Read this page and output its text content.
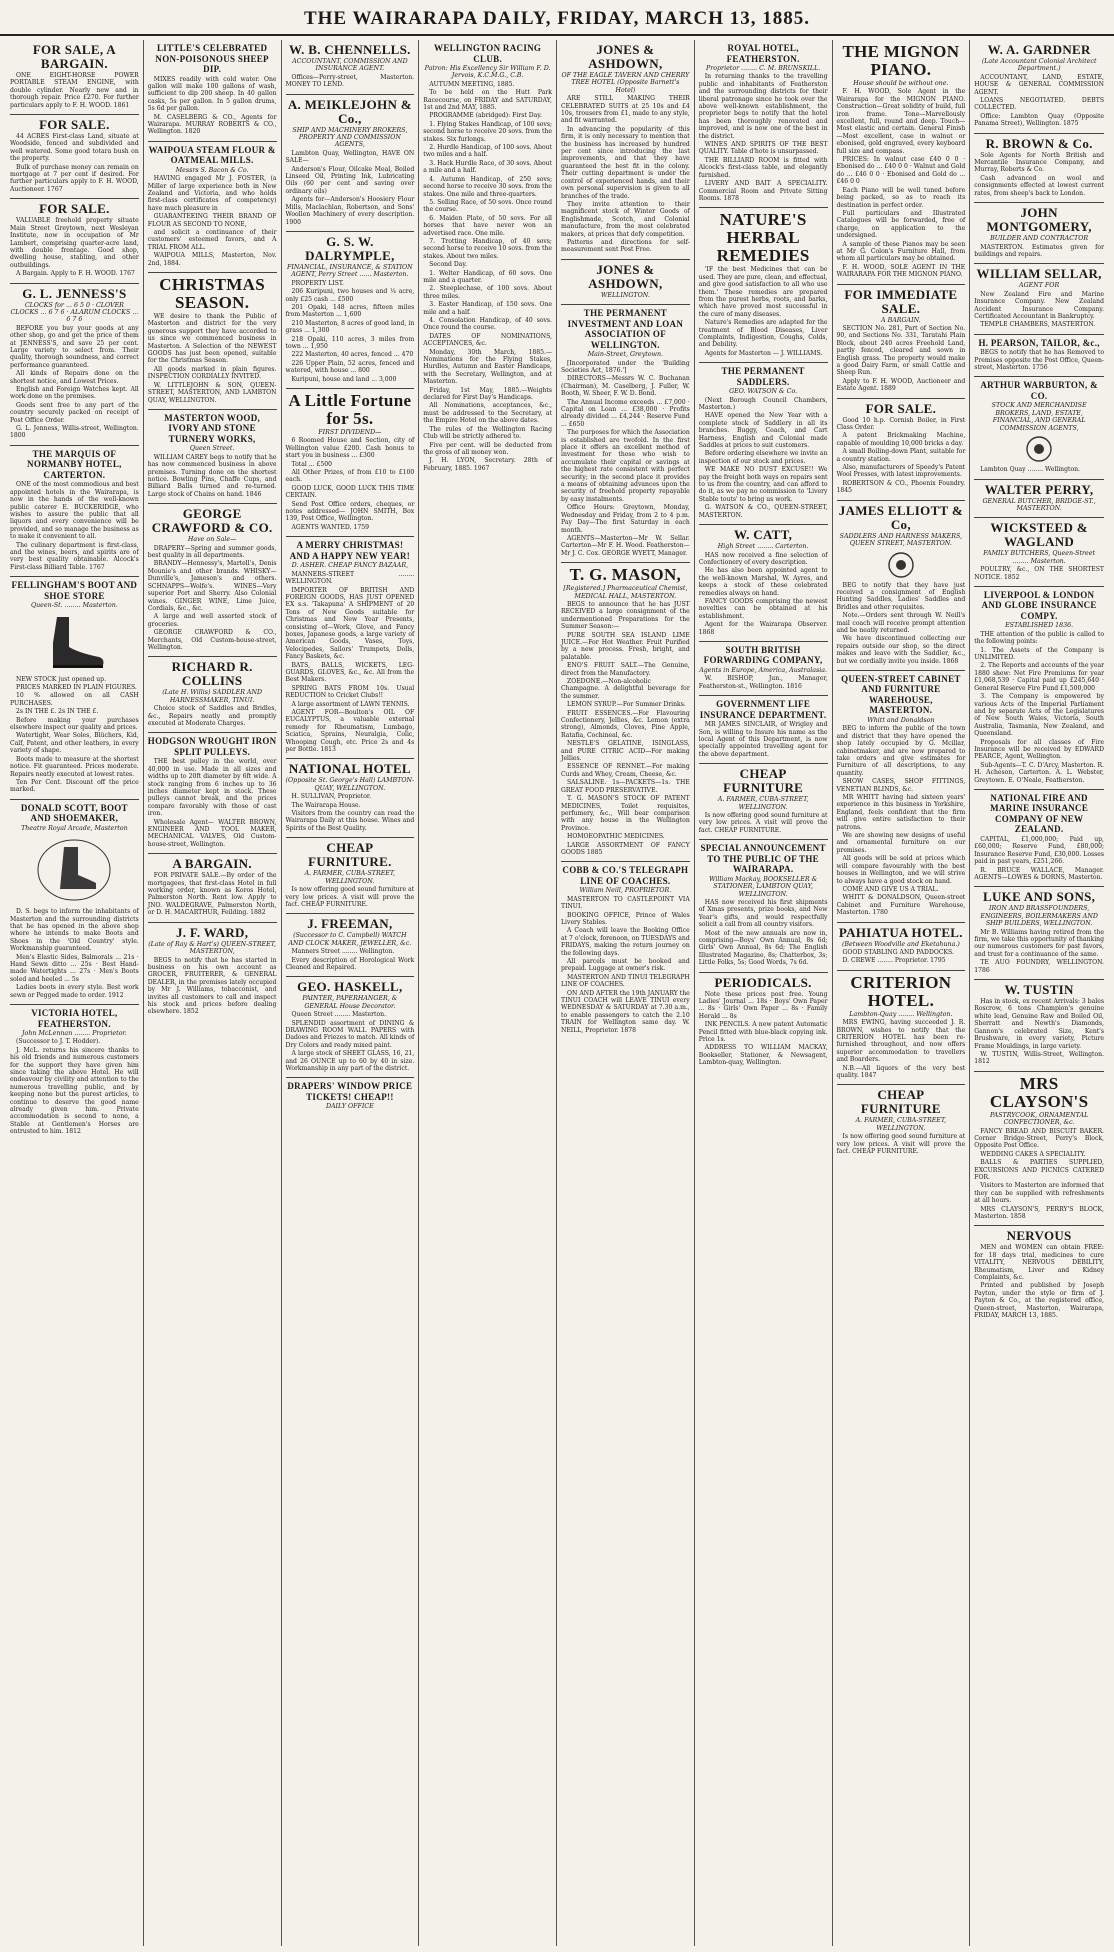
THE WAIRARAPA DAILY, FRIDAY, MARCH 13, 1885.
FOR SALE, A BARGAIN.

ONE EIGHT-HORSE POWER PORTABLE STEAM ENGINE, with double cylinder. Nearly new and in thorough repair. Price £270. For further particulars apply to F. H. WOOD. 1861

FOR SALE.

44 ACRES First-class Land, situate at Woodside, fenced and subdivided and well watered. Some good totara bush on the property.

Bulk of purchase money can remain on mortgage at 7 per cent if desired. For further particulars apply to F. H. WOOD, Auctioneer. 1767

FOR SALE.

VALUABLE freehold property situate Main Street Greytown, next Wesleyan Institute, now in occupation of Mr Lambert, comprising quarter-acre land, with double frontage. Good shop, dwelling house, stabling, and other outbuildings.

A Bargain. Apply to F. H. WOOD. 1767

G. L. JENNESS'S
CLOCKS for ... 6 5 0 · CLOVER CLOCKS ... 6 7 6 · ALARUM CLOCKS ... 6 7 6

BEFORE you buy your goods at any other shop, go and get the price of them at JENNESS'S, and save 25 per cent. Large variety to select from. Their quality, thorough soundness, and correct performance guaranteed.

All kinds of Repairs done on the shortest notice, and Lowest Prices.

English and Foreign Watches kept. All work done on the premises.

Goods sent free to any part of the country securely packed on receipt of Post Office Order.

G. L. Jenness, Willis-street, Wellington. 1800

THE MARQUIS OF NORMANBY HOTEL, CARTERTON.

ONE of the most commodious and best appointed hotels in the Wairarapa, is now in the hands of the well-known public caterer E. BUCKERIDGE, who wishes to assure the public that all liquors and every convenience will be provided, and so manage the business as to make it convenient to all.

The culinary department is first-class, and the wines, beers, and spirits are of very best quality obtainable. Alcock's First-class Billiard Table. 1767

FELLINGHAM'S BOOT AND SHOE STORE
Queen-St. ........ Masterton.

NEW STOCK just opened up.

PRICES MARKED IN PLAIN FIGURES.

10 % allowed on all CASH PURCHASES.

2s IN THE £. 2s IN THE £.

Before making your purchases elsewhere inspect our quality and prices.

Watertight, Wear Soles, Blüchers, Kid, Calf, Patent, and other leathers, in every variety of shape.

Boots made to measure at the shortest notice. Fit guaranteed. Prices moderate. Repairs neatly executed at lowest rates.

Ten Per Cent. Discount off the price marked.

DONALD SCOTT, BOOT AND SHOEMAKER,
Theatre Royal Arcade, Masterton

D. S. begs to inform the inhabitants of Masterton and the surrounding districts that he has opened in the above shop where he intends to make Boots and Shoes in the 'Old Country' style. Workmanship guaranteed.

Men's Elastic Sides, Balmorals ... 21s · Hand Sewn ditto ... 25s · Best Hand-made Watertights ... 27s · Men's Boots soled and heeled ... 5s

Ladies boots in every style. Best work sewn or Pegged made to order. 1912

VICTORIA HOTEL, FEATHERSTON.
John McLennan ........ Proprietor.

(Successor to J. T. Hodder).

J. McL. returns his sincere thanks to his old friends and numerous customers for the support they have given him since taking the above Hotel. He will endeavour by civility and attention to the numerous travelling public, and by keeping none but the purest articles, to continue to deserve the good name already given him. Private accommodation is second to none, a Stable at Gentlemen's Horses are entrusted to him. 1812

LITTLE'S CELEBRATED NON-POISONOUS SHEEP DIP.

MIXES readily with cold water. One gallon will make 100 gallons of wash, sufficient to dip 200 sheep. In 40 gallon casks, 5s per gallon. In 5 gallon drums, 5s 6d per gallon.

M. CASELBERG & CO., Agents for Wairarapa. MURRAY ROBERTS & CO., Wellington. 1820

WAIPOUA STEAM FLOUR & OATMEAL MILLS.
Messrs S. Bacon & Co.

HAVING engaged Mr J. FOSTER, (a Miller of large experience both in New Zealand and Victoria, and who holds first-class certificates of competency) have much pleasure in

GUARANTEEING THEIR BRAND OF FLOUR AS SECOND TO NONE,

and solicit a continuance of their customers' esteemed favors, and A TRIAL FROM ALL.

WAIPOUA MILLS, Masterton, Nov. 2nd, 1884.

CHRISTMAS SEASON.

WE desire to thank the Public of Masterton and district for the very generous support they have accorded to us since we commenced business in Masterton. A Selection of the NEWEST GOODS has just been opened, suitable for the Christmas Season.

All goods marked in plain figures. INSPECTION CORDIALLY INVITED.

W. LITTLEJOHN & SON, QUEEN-STREET, MASTERTON, AND LAMBTON QUAY, WELLINGTON.

MASTERTON WOOD, IVORY AND STONE TURNERY WORKS,
Queen Street.

WILLIAM CAREY begs to notify that he has now commenced business in above premises. Turning done on the shortest notice. Bowling Pins, Chaffe Cups, and Billiard Balls turned and re-turned. Large stock of Chains on hand. 1846

GEORGE CRAWFORD & CO.
Have on Sale—

DRAPERY—Spring and summer goods, best quality in all departments.

BRANDY—Hennessy's, Martell's, Denis Mounie's and other brands. WHISKY—Dunville's, Jameson's and others. SCHNAPPS—Wolfe's. WINES—Very superior Port and Sherry. Also Colonial wines. GINGER WINE, Lime Juice, Cordials, &c., &c.

A large and well assorted stock of groceries.

GEORGE CRAWFORD & CO., Merchants, Old Custom-house-street, Wellington.

RICHARD R. COLLINS
(Late H. Willis) SADDLER AND HARNESSMAKER, TINUI.

Choice stock of Saddles and Bridles, &c., Repairs neatly and promptly executed at Moderate Charges.

HODGSON WROUGHT IRON SPLIT PULLEYS.

THE best pulley in the world, over 40,000 in use. Made in all sizes and widths up to 20ft diameter by 6ft wide. A stock ranging from 6 inches up to 36 inches diameter kept in stock. These pulleys cannot break, and the prices compare favorably with those of cast iron.

Wholesale Agent— WALTER BROWN, ENGINEER AND TOOL MAKER, MECHANICAL VALVES, Old Custom-house-street, Wellington.

A BARGAIN.

FOR PRIVATE SALE.—By order of the mortgagees, that first-class Hotel in full working order, known as Koros Hotel, Palmerston North. Rent low. Apply to JNO. WALDEGRAVE, Palmerston North, or D. H. MACARTHUR, Feilding. 1882

J. F. WARD,
(Late of Ray & Hart's) QUEEN-STREET, MASTERTON,

BEGS to notify that he has started in business on his own account as GROCER, FRUITERER, & GENERAL DEALER, in the premises lately occupied by Mr J. Williams, tobacconist, and invites all customers to call and inspect his stock and prices before dealing elsewhere. 1852

W. B. CHENNELLS.
ACCOUNTANT, COMMISSION AND INSURANCE AGENT.

Offices—Perry-street, Masterton. MONEY TO LEND.

A. MEIKLEJOHN & Co.,
SHIP AND MACHINERY BROKERS, PROPERTY AND COMMISSION AGENTS,

Lambton Quay, Wellington, HAVE ON SALE—

Anderson's Flour, Oilcake Meal, Boiled Linseed Oil, Printing Ink, Lubricating Oils (60 per cent and saving over ordinary oils)

Agents for—Anderson's Hoosiery Flour Mills, Maclachlan, Robertson, and Sons' Woollen Machinery of every description. 1900

G. S. W. DALRYMPLE,
FINANCIAL, INSURANCE, & STATION AGENT, Perry Street ...... Masterton.

PROPERTY LIST.

206 Kuripuni, two houses and ¼ acre, only £25 cash ... £500

201 Opaki, 148 acres, fifteen miles from Masterton ... 1,600

210 Masterton, 8 acres of good land, in grass ... 1,300

218 Opaki, 110 acres, 3 miles from town ... 1,950

222 Masterton, 40 acres, fenced ... 470

226 Upper Plain, 52 acres, fenced and watered, with house ... 800

Kuripuni, house and land ... 3,000

A Little Fortune for 5s.
FIRST DIVIDEND—

6 Roomed House and Section, city of Wellington value £200. Cash bonus to start you in business ... £300

Total ... £500

All Other Prizes, of from £10 to £100 each.

GOOD LUCK, GOOD LUCK THIS TIME CERTAIN.

Send Post Office orders, cheques, or notes addressed— JOHN SMITH, Box 139, Post Office, Wellington.

AGENTS WANTED. 1759

A MERRY CHRISTMAS! AND A HAPPY NEW YEAR!
D. ASHER. CHEAP FANCY BAZAAR,

MANNERS-STREET ........ WELLINGTON.

IMPORTER OF BRITISH AND FOREIGN GOODS, HAS JUST OPENED EX s.s. 'Takapuna' A SHIPMENT of 20 Tons of New Goods suitable for Christmas and New Year Presents, consisting of—Work, Glove, and Fancy boxes, Japanese goods, a large variety of American Goods, Vases, Toys, Velocipedes, Sailors' Trumpets, Dolls, Fancy Baskets, &c.

BATS, BALLS, WICKETS, LEG-GUARDS, GLOVES, &c., &c. All from the Best Makers.

SPRING BATS FROM 10s. Usual REDUCTION to Cricket Clubs!!

A large assortment of LAWN TENNIS.

AGENT FOR—Boulton's OIL OF EUCALYPTUS, a valuable external remedy for Rheumatism, Lumbago, Sciatica, Sprains, Neuralgia, Colic, Whooping Cough, etc. Price 2s and 4s per Bottle. 1813

NATIONAL HOTEL
(Opposite St. George's Hall) LAMBTON-QUAY, WELLINGTON.

H. SULLIVAN, Proprietor.

The Wairarapa House.

Visitors from the country can read the Wairarapa Daily at this house. Wines and Spirits of the Best Quality.

CHEAP FURNITURE.
A. FARMER, CUBA-STREET, WELLINGTON.

Is now offering good sound furniture at very low prices. A visit will prove the fact. CHEAP FURNITURE.

J. FREEMAN,
(Successor to C. Campbell) WATCH AND CLOCK MAKER, JEWELLER, &c.

Manners Street ........ Wellington.

Every description of Horological Work Cleaned and Repaired.

GEO. HASKELL,
PAINTER, PAPERHANGER, & GENERAL House Decorator.

Queen Street ........ Masterton.

SPLENDID assortment of DINING & DRAWING ROOM WALL PAPERS with Dadoes and Friezes to match. All kinds of Dry Colors and ready mixed paint.

A large stock of SHEET GLASS, 16, 21, and 26 OUNCE up to 60 by 40 in size. Workmanship in any part of the district.

DRAPERS' WINDOW PRICE TICKETS! CHEAP!!
DAILY OFFICE
WELLINGTON RACING CLUB.
Patron: His Excellency Sir William F. D. Jervois, K.C.M.G., C.B.

AUTUMN MEETING, 1885.

To be held on the Hutt Park Racecourse, on FRIDAY and SATURDAY, 1st and 2nd MAY, 1885.

PROGRAMME (abridged): First Day.

1. Flying Stakes Handicap, of 100 sovs; second horse to receive 20 sovs. from the stakes. Six furlongs.

2. Hurdle Handicap, of 100 sovs. About two miles and a half.

3. Hack Hurdle Race, of 30 sovs. About a mile and a half.

4. Autumn Handicap, of 250 sovs; second horse to receive 30 sovs. from the stakes. One mile and three-quarters.

5. Selling Race, of 50 sovs. Once round the course.

6. Maiden Plate, of 50 sovs. For all horses that have never won an advertised race. One mile.

7. Trotting Handicap, of 40 sovs; second horse to receive 10 sovs. from the stakes. About two miles.

Second Day.

1. Welter Handicap, of 60 sovs. One mile and a quarter.

2. Steeplechase, of 100 sovs. About three miles.

3. Easter Handicap, of 150 sovs. One mile and a half.

4. Consolation Handicap, of 40 sovs. Once round the course.

DATES OF NOMINATIONS, ACCEPTANCES, &c.

Monday, 30th March, 1885.—Nominations for the Flying Stakes, Hurdles, Autumn and Easter Handicaps, with the Secretary, Wellington, and at Masterton.

Friday, 1st May, 1885.—Weights declared for First Day's Handicaps.

All Nominations, acceptances, &c., must be addressed to the Secretary, at the Empire Hotel on the above dates.

The rules of the Wellington Racing Club will be strictly adhered to.

Five per cent. will be deducted from the gross of all money won.

J. H. LYON, Secretary. 28th of February, 1885. 1967

JONES & ASHDOWN,
OF THE EAGLE TAVERN AND CHERRY TREE HOTEL (Opposite Barnett's Hotel)

ARE STILL MAKING THEIR CELEBRATED SUITS at 25 10s and £4 10s, trousers from £1, made to any style, and fit warranted.

In advancing the popularity of this firm, it is only necessary to mention that the business has increased by hundred per cent since introducing the last improvements, and that they have guaranteed the best fit in the colony. Their cutting department is under the control of experienced hands, and their own personal supervision is given to all branches of the trade.

They invite attention to their magnificent stock of Winter Goods of Englishmade, Scotch, and Colonial manufacture, from the most celebrated makers, at prices that defy competition.

Patterns and directions for self-measurement sent Post Free.

JONES & ASHDOWN,
WELLINGTON.
THE PERMANENT INVESTMENT AND LOAN ASSOCIATION OF WELLINGTON.
Main-Street, Greytown.

[Incorporated under the 'Building Societies Act, 1876.']

DIRECTORS—Messrs W. C. Buchanan (Chairman), M. Caselberg, J. Fuller, W. Booth, W. Sheer, F. W. D. Bond.

The Annual Income exceeds ... £7,000 · Capital on Loan ... £38,000 · Profits already divided ... £4,244 · Reserve Fund ... £650

The purposes for which the Association is established are twofold. In the first place it offers an excellent method of investment for those who wish to accumulate their capital or savings at the highest rate consistent with perfect security; in the second place it provides a means of obtaining advances upon the security of freehold property repayable by easy instalments.

Office Hours: Greytown, Monday, Wednesday and Friday, from 2 to 4 p.m. Pay Day—The first Saturday in each month.

AGENTS—Masterton—Mr W. Sellar. Carterton—Mr F. H. Wood. Featherston—Mr J. C. Cox. GEORGE WYETT, Manager.

T. G. MASON,
[Registered.] Pharmaceutical Chemist, MEDICAL HALL, MASTERTON.

BEGS to announce that he has JUST RECEIVED a large consignment of the undermentioned Preparations for the Summer Season:—

PURE SOUTH SEA ISLAND LIME JUICE.—For Hot Weather. Fruit Purified by a new process. Fresh, bright, and palatable.

ENO'S FRUIT SALT.—The Genuine, direct from the Manufactory.

ZOEDONE.—Non-alcoholic Champagne. A delightful beverage for the summer.

LEMON SYRUP.—For Summer Drinks.

FRUIT ESSENCES.—For Flavouring Confectionery, Jellies, &c. Lemon (extra strong), Almonds, Cloves, Pine Apple, Ratafia, Cochineal, &c.

NESTLE'S GELATINE, ISINGLASS, and PURE CITRIC ACID—For making Jellies.

ESSENCE OF RENNET.—For making Curds and Whey, Cream, Cheese, &c.

SALSALINE. 1s—PACKETS—1s. THE GREAT FOOD PRESERVATIVE.

T. G. MASON'S STOCK OF PATENT MEDICINES, Toilet requisites, perfumery, &c., Will bear comparison with any house in the Wellington Province.

HOMOEOPATHIC MEDICINES.

LARGE ASSORTMENT OF FANCY GOODS 1885

COBB & CO.'S TELEGRAPH LINE OF COACHES.
William Neill, PROPRIETOR.

MASTERTON TO CASTLEPOINT VIA TINUI.

BOOKING OFFICE, Prince of Wales Livery Stables.

A Coach will leave the Booking Office at 7 o'clock, forenoon, on TUESDAYS and FRIDAYS, making the return journey on the following days.

All parcels must be booked and prepaid. Luggage at owner's risk.

MASTERTON AND TINUI TELEGRAPH LINE OF COACHES.

ON AND AFTER the 19th JANUARY the TINUI COACH will LEAVE TINUI every WEDNESDAY & SATURDAY at 7.30 a.m., to enable passengers to catch the 2.10 TRAIN for Wellington same day. W. NEILL, Proprietor. 1878

ROYAL HOTEL, FEATHERSTON.
Proprietor ........ C. M. BRUNSKILL.

In returning thanks to the travelling public and inhabitants of Featherston and the surrounding districts for their liberal patronage since he took over the above well-known establishment, the proprietor begs to notify that the hotel has been thoroughly renovated and improved, and is now one of the best in the district.

WINES AND SPIRITS OF THE BEST QUALITY. Table d'hote is unsurpassed.

THE BILLIARD ROOM is fitted with Alcock's first-class table, and elegantly furnished.

LIVERY AND BAIT A SPECIALITY. Commercial Room and Private Sitting Rooms. 1878

NATURE'S HERBAL REMEDIES

'IF the best Medicines that can be used. They are pure, clean, and effectual, and give good satisfaction to all who use them.' These remedies are prepared from the purest herbs, roots, and barks, which have proved most successful in the cure of many diseases.

Nature's Remedies are adapted for the treatment of Blood Diseases, Liver Complaints, Indigestion, Coughs, Colds, and Debility.

Agents for Masterton — J. WILLIAMS.

THE PERMANENT SADDLERS.
GEO. WATSON & Co.

(Next Borough Council Chambers, Masterton.)

HAVE opened the New Year with a complete stock of Saddlery in all its branches. Buggy, Coach, and Cart Harness, English and Colonial made Saddles at prices to suit customers.

Before ordering elsewhere we invite an inspection of our stock and prices.

WE MAKE NO DUST EXCUSE!! We pay the freight both ways on repairs sent to us from the country, and can afford to do it, as we pay no commission to 'Livery Stable touts' to bring us work.

G. WATSON & CO., QUEEN-STREET, MASTERTON.

W. CATT,
High Street ........ Carterton.

HAS now received a fine selection of Confectionery of every description.

He has also been appointed agent to the well-known Marshal, W. Ayres, and keeps a stock of these celebrated remedies always on hand.

FANCY GOODS comprising the newest novelties can be obtained at his establishment.

Agent for the Wairarapa Observer. 1868

SOUTH BRITISH FORWARDING COMPANY,
Agents in Europe, America, Australasia.

W. BISHOP, Jun., Manager, Featherston-st., Wellington. 1816

GOVERNMENT LIFE INSURANCE DEPARTMENT.

MR JAMES SINCLAIR, of Wrigley and Son, is willing to Insure his name as the local Agent of this Department, is now specially appointed travelling agent for the above department.

CHEAP FURNITURE
A. FARMER, CUBA-STREET, WELLINGTON.

Is now offering good sound furniture at very low prices. A visit will prove the fact. CHEAP FURNITURE.

SPECIAL ANNOUNCEMENT TO THE PUBLIC OF THE WAIRARAPA.
William Mackay, BOOKSELLER & STATIONER, LAMBTON QUAY, WELLINGTON.

HAS now received his first shipments of Xmas presents, prize books, and New Year's gifts, and would respectfully solicit a call from all country visitors.

Most of the new annuals are now in, comprising—Boys' Own Annual, 8s 6d; Girls' Own Annual, 8s 6d; The English Illustrated Magazine, 8s; Chatterbox, 3s; Little Folks, 5s; Good Words, 7s 6d.

PERIODICALS.

Note these prices post free. Young Ladies' Journal ... 18s · Boys' Own Paper ... 8s · Girls' Own Paper ... 8s · Family Herald ... 8s

INK PENCILS. A new patent Automatic Pencil fitted with blue-black copying ink. Price 1s.

ADDRESS TO WILLIAM MACKAY, Bookseller, Stationer, & Newsagent, Lambton-quay, Wellington.

THE MIGNON PIANO.
House should be without one.

F. H. WOOD, Sole Agent in the Wairarapa for the MIGNON PIANO. Construction—Great solidity of build, full iron frame. Tone—Marvellously excellent, full, round and deep. Touch—Most elastic and certain. General Finish—Most excellent, case in walnut or ebonised, gold engraved, every keyboard full size and compass.

PRICES: In walnut case £40 0 0 · Ebonised do ... £40 0 0 · Walnut and Gold do ... £46 0 0 · Ebonised and Gold do ... £46 0 0

Each Piano will be well tuned before being packed, so as to reach its destination in perfect order.

Full particulars and Illustrated Catalogues will be forwarded, free of charge, on application to the undersigned.

A sample of these Pianos may be seen at Mr G. Colon's Furniture Hall, from whom all particulars may be obtained.

F. H. WOOD, SOLE AGENT IN THE WAIRARAPA FOR THE MIGNON PIANO.

FOR IMMEDIATE SALE.
A BARGAIN.

SECTION No. 281, Part of Section No. 90, and Sections No. 331, Taratahi Plain Block, about 240 acres Freehold Land, partly fenced, cleared and sown in English grass. The property would make a good Dairy Farm, or small Cattle and Sheep Run.

Apply to F. H. WOOD, Auctioneer and Estate Agent. 1889

FOR SALE.

Good 10 h.p. Cornish Boiler, in First Class Order.

A patent Brickmaking Machine, capable of moulding 10,000 bricks a day.

A small Boiling-down Plant, suitable for a country station.

Also, manufacturers of Speedy's Patent Wool Presses, with latest improvements.

ROBERTSON & CO., Phoenix Foundry. 1845

JAMES ELLIOTT & Co,
SADDLERS AND HARNESS MAKERS, QUEEN STREET, MASTERTON.

BEG to notify that they have just received a consignment of English Hunting Saddles, Ladies' Saddles and Bridles and other requisites.

Note.—Orders sent through W. Neill's mail coach will receive prompt attention and be neatly returned.

We have discontinued collecting our repairs outside our shop, so the direct makes and leave with the Saddler, &c., but we cordially invite you inside. 1868

QUEEN-STREET CABINET AND FURNITURE WAREHOUSE, MASTERTON.
Whitt and Donaldson

BEG to inform the public of the town and district that they have opened the shop lately occupied by G. Mcillar, cabinetmaker, and are now prepared to take orders and give estimates for Furniture of all descriptions, to any quantity.

SHOW CASES, SHOP FITTINGS, VENETIAN BLINDS, &c.

MR WHITT having had sixteen years' experience in this business in Yorkshire, England, feels confident that the firm will give entire satisfaction to their patrons.

We are showing new designs of useful and ornamental furniture on our premises.

All goods will be sold at prices which will compare favourably with the best houses in Wellington, and we will strive to always have a good stock on hand.

COME AND GIVE US A TRIAL.

WHITT & DONALDSON, Queen-street Cabinet and Furniture Warehouse, Masterton. 1780

PAHIATUA HOTEL.
(Between Woodville and Eketahuna.)

GOOD STABLING AND PADDOCKS.

D. CREWE ........ Proprietor. 1795

CRITERION HOTEL.
Lambton-Quay ........ Wellington.

MRS EWING, having succeeded J. R. BROWN, wishes to notify that the CRITERION HOTEL has been re-furnished throughout, and now offers superior accommodation to travellers and Boarders.

N.B.—All liquors of the very best quality. 1847

CHEAP FURNITURE
A. FARMER, CUBA-STREET, WELLINGTON.

Is now offering good sound furniture at very low prices. A visit will prove the fact. CHEAP FURNITURE.

W. A. GARDNER
(Late Accountant Colonial Architect Department.)

ACCOUNTANT, LAND, ESTATE, HOUSE & GENERAL COMMISSION AGENT.

LOANS NEGOTIATED. DEBTS COLLECTED.

Office: Lambton Quay (Opposite Panama Street), Wellington. 1875

R. BROWN & Co.

Sole Agents for North British and Mercantile Insurance Company, and Murray, Roberts & Co.

Cash advanced on wool and consignments effected at lowest current rates, from sheep's back to London.

JOHN MONTGOMERY,
BUILDER AND CONTRACTOR

MASTERTON. Estimates given for buildings and repairs.

WILLIAM SELLAR,
AGENT FOR

New Zealand Fire and Marine Insurance Company. New Zealand Accident Insurance Company. Certificated Accountant in Bankruptcy.

TEMPLE CHAMBERS, MASTERTON.

H. PEARSON, TAILOR, &c.,

BEGS to notify that he has Removed to Premises opposite the Post Office, Queen-street, Masterton. 1756

ARTHUR WARBURTON, & CO.
STOCK AND MERCHANDISE BROKERS, LAND, ESTATE, FINANCIAL, AND GENERAL COMMISSION AGENTS,

Lambton Quay ........ Wellington.

WALTER PERRY,
GENERAL BUTCHER, BRIDGE-ST., MASTERTON.
WICKSTEED & WAGLAND
FAMILY BUTCHERS, Queen-Street ........ Masterton.

POULTRY, &c., ON THE SHORTEST NOTICE. 1852

LIVERPOOL & LONDON AND GLOBE INSURANCE COMPY.
ESTABLISHED 1836.

THE attention of the public is called to the following points:

1. The Assets of the Company is UNLIMITED.

2. The Reports and accounts of the year 1880 shew: Net Fire Premiums for year £1,068,539 · Capital paid up £245,640 · General Reserve Fire Fund £1,500,000

3. The Company is empowered by various Acts of the Imperial Parliament and by separate Acts of the Legislatures of New South Wales, Victoria, South Australia, Tasmania, New Zealand, and Queensland.

Proposals for all classes of Fire Insurance will be received by EDWARD PEARCE, Agent, Wellington.

Sub-Agents—T. C. D'Arcy, Masterton. R. H. Acheson, Carterton. A. L. Webster, Greytown. E. O'Neale, Featherston.

NATIONAL FIRE AND MARINE INSURANCE COMPANY OF NEW ZEALAND.

CAPITAL, £1,000,000; Paid up, £60,000; Reserve Fund, £80,000; Insurance Reserve Fund, £30,000. Losses paid in past years, £251,266.

R. BRUCE WALLACE, Manager. AGENTS—LOWES & DORNS, Masterton.

LUKE AND SONS,
IRON AND BRASSFOUNDERS, ENGINEERS, BOILERMAKERS AND SHIP BUILDERS, WELLINGTON.

Mr B. Williams having retired from the firm, we take this opportunity of thanking our numerous customers for past favors, and trust for a continuance of the same.

TE AUO FOUNDRY, WELLINGTON. 1786

W. TUSTIN

Has in stock, ex recent Arrivals: 3 bales Roscrow, 6 tons Champion's genuine white lead, Genuine Raw and Boiled Oil, Sherratt and Newth's Diamonds, Gannon's celebrated Size, Kent's Brushware, in every variety, Picture Frame Mouldings, in large variety.

W. TUSTIN, Willis-Street, Wellington. 1812

MRS CLAYSON'S
PASTRYCOOK, ORNAMENTAL CONFECTIONER, &c.

FANCY BREAD AND BISCUIT BAKER. Corner Bridge-Street, Perry's Block, Opposite Post Office.

WEDDING CAKES A SPECIALITY.

BALLS & PARTIES SUPPLIED, EXCURSIONS AND PICNICS CATERED FOR.

Visitors to Masterton are informed that they can be supplied with refreshments at all hours.

MRS CLAYSON'S, PERRY'S BLOCK, Masterton. 1858

NERVOUS

MEN and WOMEN can obtain FREE: for 18 days trial, medicines to cure VITALITY, NERVOUS DEBILITY, Rheumatism, Liver and Kidney Complaints, &c.

Printed and published by Joseph Payton, under the style or firm of J. Payton & Co., at the registered office, Queen-street, Masterton, Wairarapa, FRIDAY, MARCH 13, 1885.
